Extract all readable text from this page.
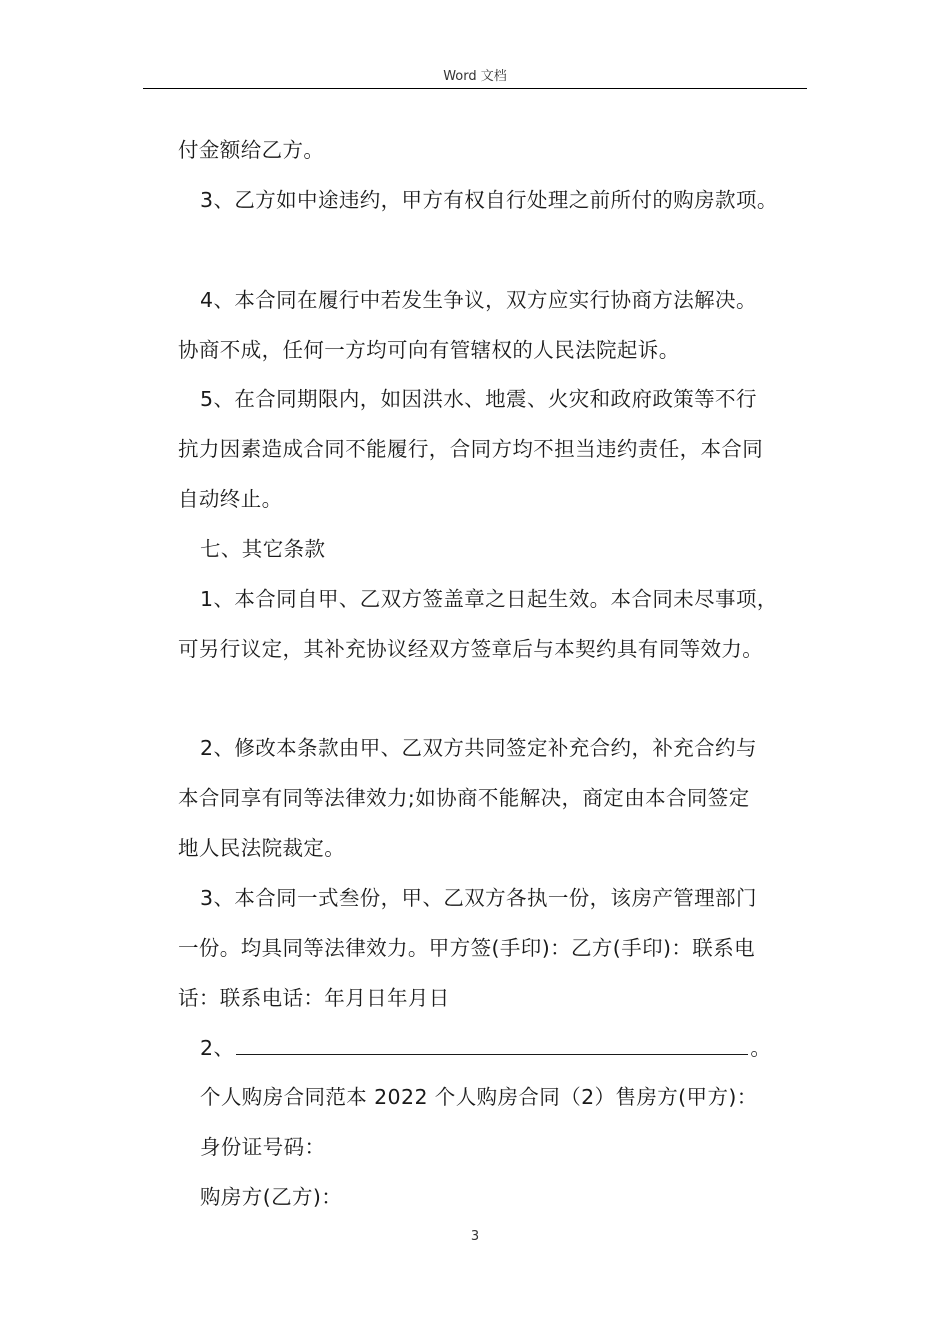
Word 文档
付金额给乙方。
3、乙方如中途违约，甲方有权自行处理之前所付的购房款项。
4、本合同在履行中若发生争议，双方应实行协商方法解决。
协商不成，任何一方均可向有管辖权的人民法院起诉。
5、在合同期限内，如因洪水、地震、火灾和政府政策等不行
抗力因素造成合同不能履行，合同方均不担当违约责任，本合同
自动终止。
七、其它条款
1、本合同自甲、乙双方签盖章之日起生效。本合同未尽事项，
可另行议定，其补充协议经双方签章后与本契约具有同等效力。
2、修改本条款由甲、乙双方共同签定补充合约，补充合约与
本合同享有同等法律效力;如协商不能解决，商定由本合同签定
地人民法院裁定。
3、本合同一式叁份，甲、乙双方各执一份，该房产管理部门
一份。均具同等法律效力。甲方签(手印)：乙方(手印)：联系电
话：联系电话：年月日年月日
2、	。
个人购房合同范本 2022 个人购房合同（2）售房方(甲方)：
身份证号码：
购房方(乙方)：
3
